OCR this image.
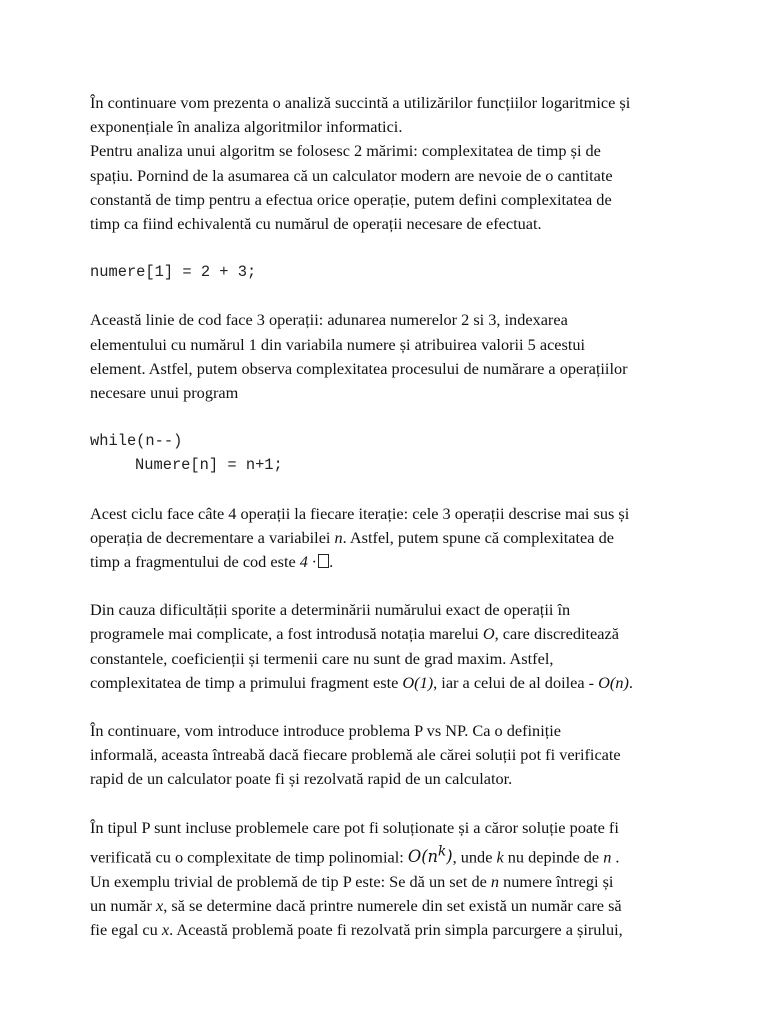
În continuare vom prezenta o analiză succintă a utilizărilor funcțiilor logaritmice și
exponențiale în analiza algoritmilor informatici.

Pentru analiza unui algoritm se folosesc 2 mărimi: complexitatea de timp și de
spațiu. Pornind de la asumarea că un calculator modern are nevoie de o cantitate
constantă de timp pentru a efectua orice operație, putem defini complexitatea de
timp ca fiind echivalentă cu numărul de operații necesare de efectuat.

numere[1] = 2 + 3;

Această linie de cod face 3 operații: adunarea numerelor 2 si 3, indexarea
elementului cu numărul 1 din variabila numere și atribuirea valorii 5 acestui
element. Astfel, putem observa complexitatea procesului de numărare a operațiilor
necesare unui program

while(n--)
Numere[n] = n+1;

Acest ciclu face câte 4 operații la fiecare iterație: cele 3 operații descrise mai sus și
operația de decrementare a variabilei n. Astfel, putem spune că complexitatea de
timp a fragmentului de cod este 4 · .

Din cauza dificultății sporite a determinării numărului exact de operații în
programele mai complicate, a fost introdusă notația marelui O, care discreditează
constantele, coeficienții și termenii care nu sunt de grad maxim. Astfel,
complexitatea de timp a primului fragment este O(1), iar a celui de al doilea - O(n).

În continuare, vom introduce introduce problema P vs NP. Ca o definiție
informală, aceasta întreabă dacă fiecare problemă ale cărei soluții pot fi verificate
rapid de un calculator poate fi și rezolvată rapid de un calculator.

În tipul P sunt incluse problemele care pot fi soluționate și a căror soluție poate fi
verificată cu o complexitate de timp polinomial: $O(n^k)$, unde k nu depinde de n .
Un exemplu trivial de problemă de tip P este: Se dă un set de n numere întregi și
un număr x, să se determine dacă printre numerele din set există un număr care să
fie egal cu x. Această problemă poate fi rezolvată prin simpla parcurgere a șirului,
